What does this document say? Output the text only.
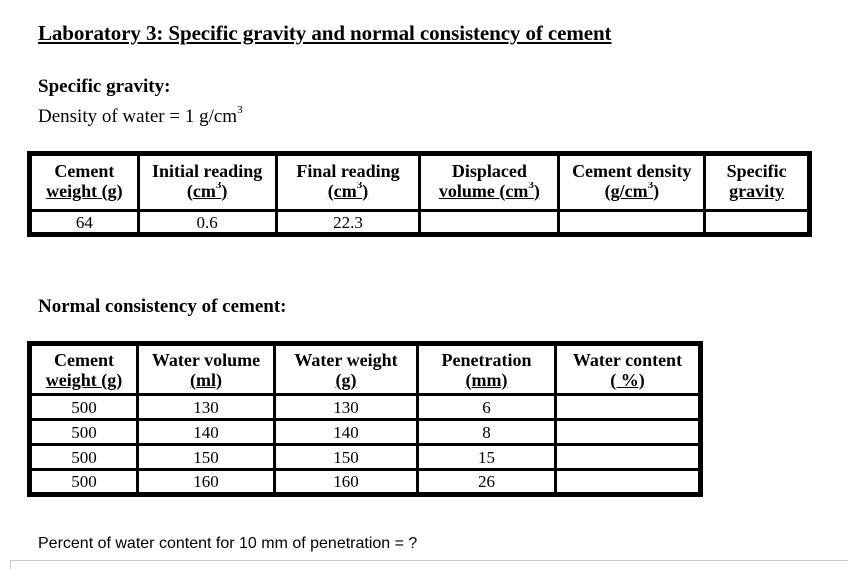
Laboratory 3: Specific gravity and normal consistency of cement

Specific gravity:

Density of water = 1 $g/cm^3$

Cement	Initial reading	Final reading	Displaced	Cement density	Specific
weight (g)	$(cm^3)$	$(cm^3)$	volume $(cm^3)$	$(g/cm^3)$	gravity
64	0.6	22.3			

Normal consistency of cement:

Cement	Water volume	Water weight	Penetration	Water content
weight (g)	(ml)	(g)	(mm)	( %)
500	130	130	6	
500	140	140	8	
500	150	150	15	
500	160	160	26	

Percent of water content for 10 mm of penetration = ?
